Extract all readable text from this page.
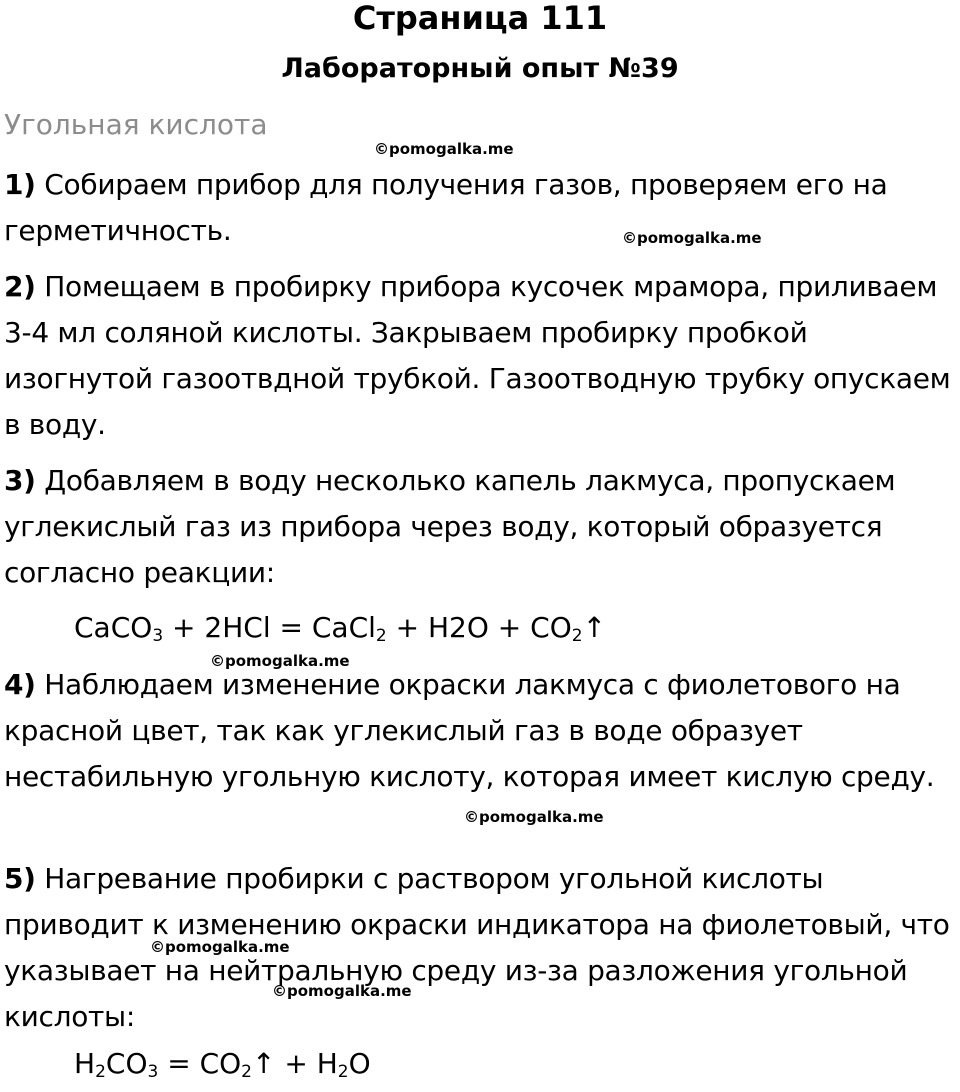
Страница 111
Лабораторный опыт №39
Угольная кислота
1) Собираем прибор для получения газов, проверяем его на герметичность.
2) Помещаем в пробирку прибора кусочек мрамора, приливаем 3-4 мл соляной кислоты. Закрываем пробирку пробкой изогнутой газоотвдной трубкой. Газоотводную трубку опускаем в воду.
3) Добавляем в воду несколько капель лакмуса, пропускаем углекислый газ из прибора через воду, который образуется согласно реакции:
CaCO$_3$ + 2HCl = CaCl$_2$ + $H2O + CO_2↑$
4) Наблюдаем изменение окраски лакмуса с фиолетового на красной цвет, так как углекислый газ в воде образует нестабильную угольную кислоту, которая имеет кислую среду.
5) Нагревание пробирки с раствором угольной кислоты приводит к изменению окраски индикатора на фиолетовый, что указывает на нейтральную среду из-за разложения угольной кислоты:
$H_2CO_3$ = $CO_2↑ + H_2O$
©pomogalka.me
©pomogalka.me
©pomogalka.me
©pomogalka.me
©pomogalka.me
©pomogalka.me
